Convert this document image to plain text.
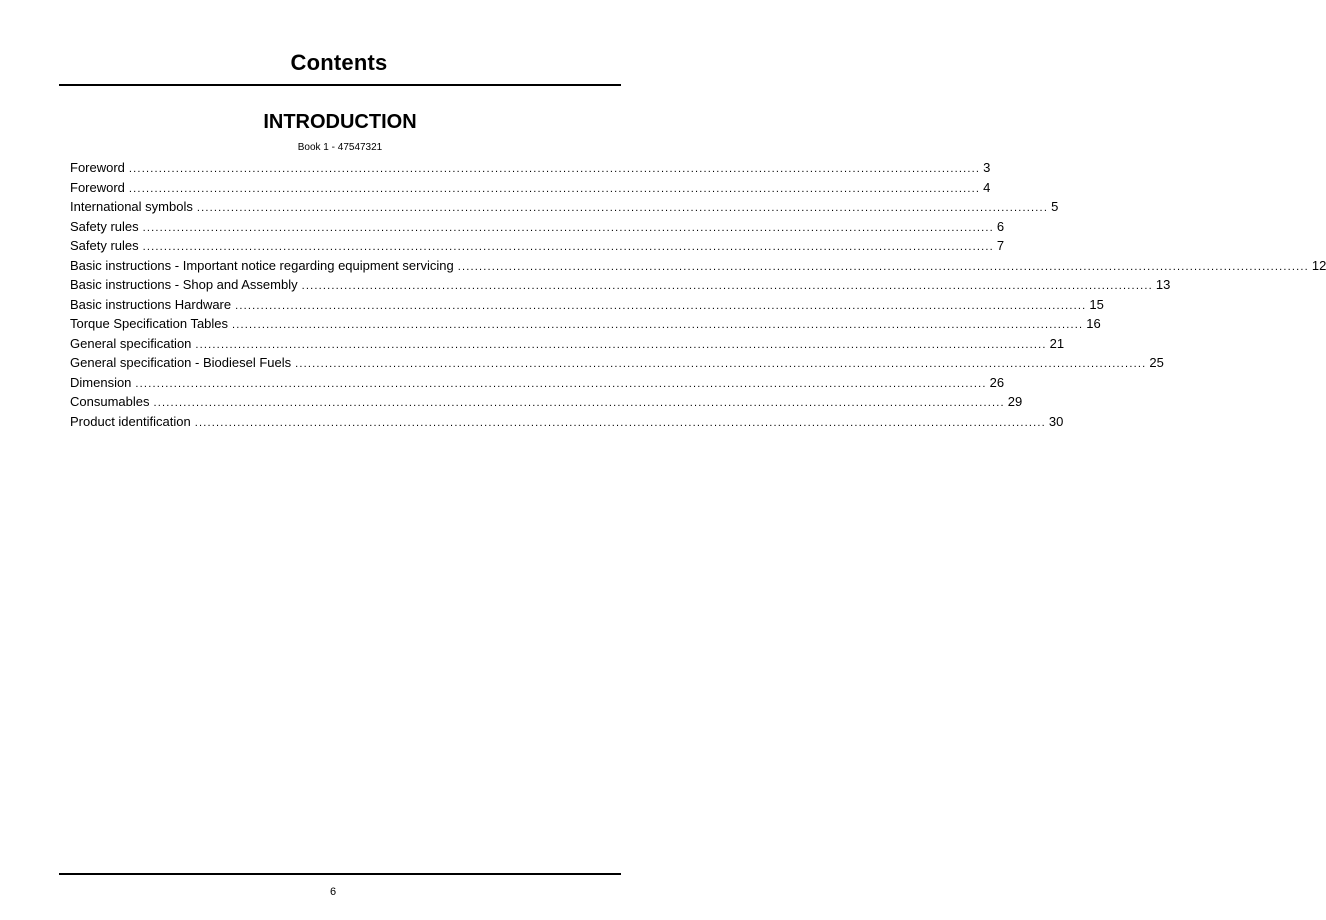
Contents
INTRODUCTION
Book 1 - 47547321
Foreword ........................................................................................................................................................................................................ 3
Foreword ........................................................................................................................................................................................................ 4
International symbols ........................................................................................................................................................................................................ 5
Safety rules ........................................................................................................................................................................................................ 6
Safety rules ........................................................................................................................................................................................................ 7
Basic instructions - Important notice regarding equipment servicing ........................................................................................................................................................................................................ 12
Basic instructions - Shop and Assembly ........................................................................................................................................................................................................ 13
Basic instructions Hardware ........................................................................................................................................................................................................ 15
Torque Specification Tables ........................................................................................................................................................................................................ 16
General specification ........................................................................................................................................................................................................ 21
General specification - Biodiesel Fuels ........................................................................................................................................................................................................ 25
Dimension ........................................................................................................................................................................................................ 26
Consumables ........................................................................................................................................................................................................ 29
Product identification ........................................................................................................................................................................................................ 30
6
